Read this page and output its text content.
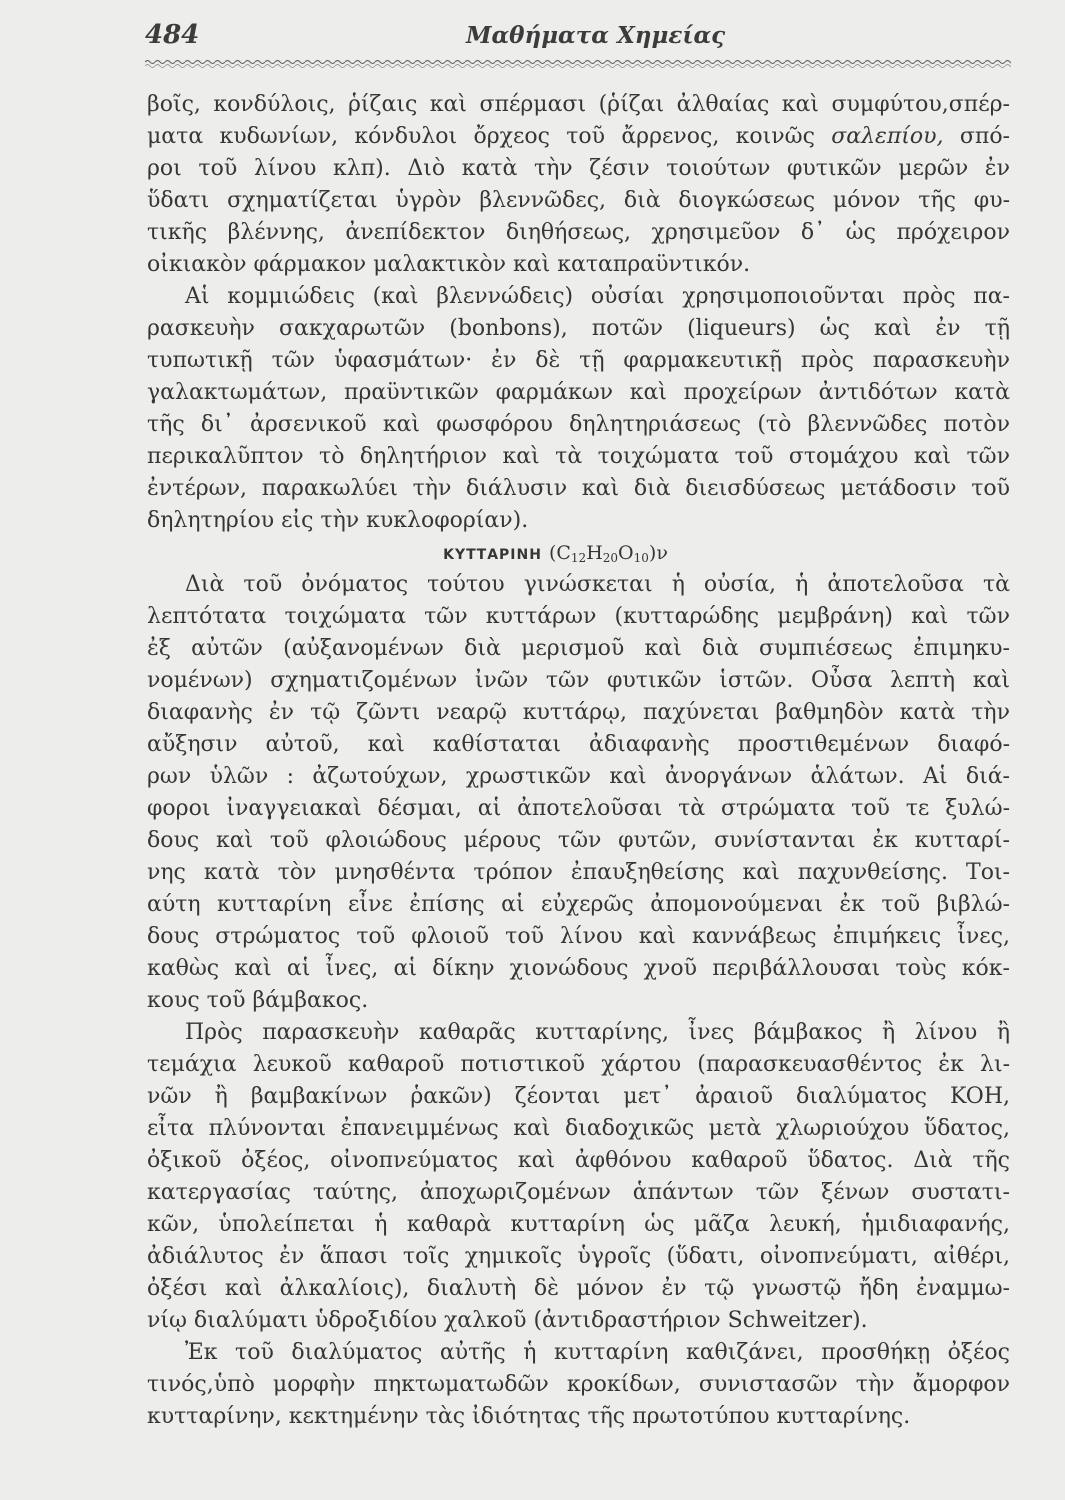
484	Μαθήματα Χημείας
βοῖς, κονδύλοις, ῥίζαις καὶ σπέρμασι (ῥίζαι ἀλθαίας καὶ συμφύτου,σπέρ-
ματα κυδωνίων, κόνδυλοι ὄρχεος τοῦ ἄρρενος, κοινῶς σαλεπίου, σπό-
ροι τοῦ λίνου κλπ). Διὸ κατὰ τὴν ζέσιν τοιούτων φυτικῶν μερῶν ἐν
ὕδατι σχηματίζεται ὑγρὸν βλεννῶδες, διὰ διογκώσεως μόνον τῆς φυ-
τικῆς βλέννης, ἀνεπίδεκτον διηθήσεως, χρησιμεῦον δ᾽ ὡς πρόχειρον
οἰκιακὸν φάρμακον μαλακτικὸν καὶ καταπραϋντικόν.
Αἱ κομμιώδεις (καὶ βλεννώδεις) οὐσίαι χρησιμοποιοῦνται πρὸς πα-
ρασκευὴν σακχαρωτῶν (bonbons), ποτῶν (liqueurs) ὡς καὶ ἐν τῇ
τυπωτικῇ τῶν ὑφασμάτων· ἐν δὲ τῇ φαρμακευτικῇ πρὸς παρασκευὴν
γαλακτωμάτων, πραϋντικῶν φαρμάκων καὶ προχείρων ἀντιδότων κατὰ
τῆς δι᾽ ἀρσενικοῦ καὶ φωσφόρου δηλητηριάσεως (τὸ βλεννῶδες ποτὸν
περικαλῦπτον τὸ δηλητήριον καὶ τὰ τοιχώματα τοῦ στομάχου καὶ τῶν
ἐντέρων, παρακωλύει τὴν διάλυσιν καὶ διὰ διεισδύσεως μετάδοσιν τοῦ
δηλητηρίου εἰς τὴν κυκλοφορίαν).
ΚΥΤΤΑΡΙΝΗ $(C_{12}H_{20}O_{10})\nu$
Διὰ τοῦ ὀνόματος τούτου γινώσκεται ἡ οὐσία, ἡ ἀποτελοῦσα τὰ
λεπτότατα τοιχώματα τῶν κυττάρων (κυτταρώδης μεμβράνη) καὶ τῶν
ἐξ αὐτῶν (αὐξανομένων διὰ μερισμοῦ καὶ διὰ συμπιέσεως ἐπιμηκυ-
νομένων) σχηματιζομένων ἰνῶν τῶν φυτικῶν ἱστῶν. Οὖσα λεπτὴ καὶ
διαφανὴς ἐν τῷ ζῶντι νεαρῷ κυττάρῳ, παχύνεται βαθμηδὸν κατὰ τὴν
αὔξησιν αὐτοῦ, καὶ καθίσταται ἀδιαφανὴς προστιθεμένων διαφό-
ρων ὑλῶν : ἀζωτούχων, χρωστικῶν καὶ ἀνοργάνων ἁλάτων. Αἱ διά-
φοροι ἰναγγειακαὶ δέσμαι, αἱ ἀποτελοῦσαι τὰ στρώματα τοῦ τε ξυλώ-
δους καὶ τοῦ φλοιώδους μέρους τῶν φυτῶν, συνίστανται ἐκ κυτταρί-
νης κατὰ τὸν μνησθέντα τρόπον ἐπαυξηθείσης καὶ παχυνθείσης. Τοι-
αύτη κυτταρίνη εἶνε ἐπίσης αἱ εὐχερῶς ἀπομονούμεναι ἐκ τοῦ βιβλώ-
δους στρώματος τοῦ φλοιοῦ τοῦ λίνου καὶ καννάβεως ἐπιμήκεις ἶνες,
καθὼς καὶ αἱ ἶνες, αἱ δίκην χιονώδους χνοῦ περιβάλλουσαι τοὺς κόκ-
κους τοῦ βάμβακος.
Πρὸς παρασκευὴν καθαρᾶς κυτταρίνης, ἶνες βάμβακος ἢ λίνου ἢ
τεμάχια λευκοῦ καθαροῦ ποτιστικοῦ χάρτου (παρασκευασθέντος ἐκ λι-
νῶν ἢ βαμβακίνων ῥακῶν) ζέονται μετ᾽ ἀραιοῦ διαλύματος KOH,
εἶτα πλύνονται ἐπανειμμένως καὶ διαδοχικῶς μετὰ χλωριούχου ὕδατος,
ὀξικοῦ ὀξέος, οἰνοπνεύματος καὶ ἀφθόνου καθαροῦ ὕδατος. Διὰ τῆς
κατεργασίας ταύτης, ἀποχωριζομένων ἁπάντων τῶν ξένων συστατι-
κῶν, ὑπολείπεται ἡ καθαρὰ κυτταρίνη ὡς μᾶζα λευκή, ἡμιδιαφανής,
ἀδιάλυτος ἐν ἅπασι τοῖς χημικοῖς ὑγροῖς (ὕδατι, οἰνοπνεύματι, αἰθέρι,
ὀξέσι καὶ ἀλκαλίοις), διαλυτὴ δὲ μόνον ἐν τῷ γνωστῷ ἤδη ἐναμμω-
νίῳ διαλύματι ὑδροξιδίου χαλκοῦ (ἀντιδραστήριον Schweitzer).
Ἐκ τοῦ διαλύματος αὐτῆς ἡ κυτταρίνη καθιζάνει, προσθήκῃ ὀξέος
τινός,ὑπὸ μορφὴν πηκτωματωδῶν κροκίδων, συνιστασῶν τὴν ἄμορφον
κυτταρίνην, κεκτημένην τὰς ἰδιότητας τῆς πρωτοτύπου κυτταρίνης.
